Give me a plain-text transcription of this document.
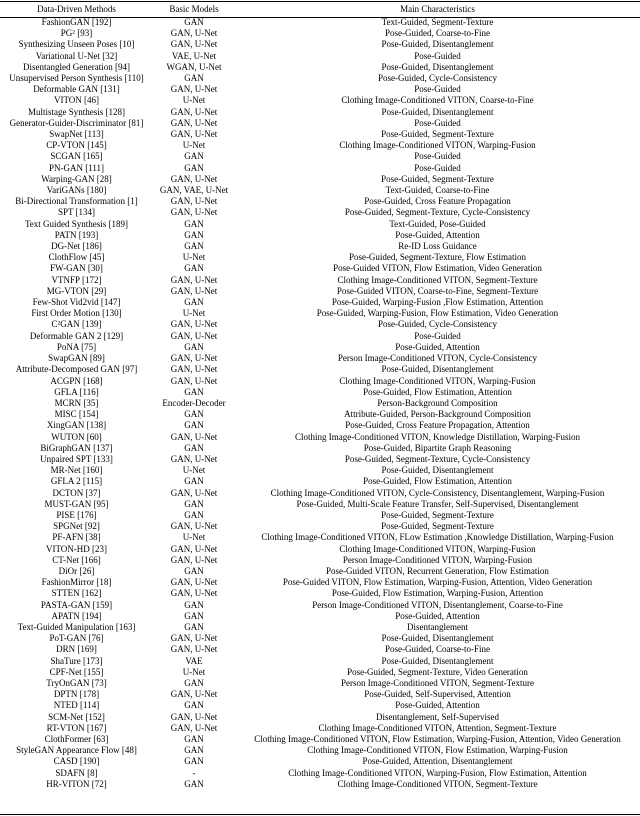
Data-Driven Methods	Basic Models	Main Characteristics
FashionGAN [192]	GAN	Text-Guided, Segment-Texture
PG² [93]	GAN, U-Net	Pose-Guided, Coarse-to-Fine
Synthesizing Unseen Poses [10]	GAN, U-Net	Pose-Guided, Disentanglement
Variational U-Net [32]	VAE, U-Net	Pose-Guided
Disentangled Generation [94]	WGAN, U-Net	Pose-Guided, Disentanglement
Unsupervised Person Synthesis [110]	GAN	Pose-Guided, Cycle-Consistency
Deformable GAN [131]	GAN, U-Net	Pose-Guided
VITON [46]	U-Net	Clothing Image-Conditioned VITON, Coarse-to-Fine
Multistage Synthesis [128]	GAN, U-Net	Pose-Guided, Disentanglement
Generator-Guider-Discriminator [81]	GAN, U-Net	Pose-Guided
SwapNet [113]	GAN, U-Net	Pose-Guided, Segment-Texture
CP-VTON [145]	U-Net	Clothing Image-Conditioned VITON, Warping-Fusion
SCGAN [165]	GAN	Pose-Guided
PN-GAN [111]	GAN	Pose-Guided
Warping-GAN [28]	GAN, U-Net	Pose-Guided, Segment-Texture
VariGANs [180]	GAN, VAE, U-Net	Text-Guided, Coarse-to-Fine
Bi-Directional Transformation [1]	GAN, U-Net	Pose-Guided, Cross Feature Propagation
SPT [134]	GAN, U-Net	Pose-Guided, Segment-Texture, Cycle-Consistency
Text Guided Synthesis [189]	GAN	Text-Guided, Pose-Guided
PATN [193]	GAN	Pose-Guided, Attention
DG-Net [186]	GAN	Re-ID Loss Guidance
ClothFlow [45]	U-Net	Pose-Guided, Segment-Texture, Flow Estimation
FW-GAN [30]	GAN	Pose-Guided VITON, Flow Estimation, Video Generation
VTNFP [172]	GAN, U-Net	Clothing Image-Conditioned VITON, Segment-Texture
MG-VTON [29]	GAN, U-Net	Pose-Guided VITON, Coarse-to-Fine, Segment-Texture
Few-Shot Vid2vid [147]	GAN	Pose-Guided, Warping-Fusion ,Flow Estimation, Attention
First Order Motion [130]	U-Net	Pose-Guided, Warping-Fusion, Flow Estimation, Video Generation
C²GAN [139]	GAN, U-Net	Pose-Guided, Cycle-Consistency
Deformable GAN 2 [129]	GAN, U-Net	Pose-Guided
PoNA [75]	GAN	Pose-Guided, Attention
SwapGAN [89]	GAN, U-Net	Person Image-Conditioned VITON, Cycle-Consistency
Attribute-Decomposed GAN [97]	GAN, U-Net	Pose-Guided, Disentanglement
ACGPN [168]	GAN, U-Net	Clothing Image-Conditioned VITON, Warping-Fusion
GFLA [116]	GAN	Pose-Guided, Flow Estimation, Attention
MCRN [35]	Encoder-Decoder	Person-Background Composition
MISC [154]	GAN	Attribute-Guided, Person-Background Composition
XingGAN [138]	GAN	Pose-Guided, Cross Feature Propagation, Attention
WUTON [60]	GAN, U-Net	Clothing Image-Conditioned VITON, Knowledge Distillation, Warping-Fusion
BiGraphGAN [137]	GAN	Pose-Guided, Bipartite Graph Reasoning
Unpaired SPT [133]	GAN, U-Net	Pose-Guided, Segment-Texture, Cycle-Consistency
MR-Net [160]	U-Net	Pose-Guided, Disentanglement
GFLA 2 [115]	GAN	Pose-Guided, Flow Estimation, Attention
DCTON [37]	GAN, U-Net	Clothing Image-Conditioned VITON, Cycle-Consistency, Disentanglement, Warping-Fusion
MUST-GAN [95]	GAN	Pose-Guided, Multi-Scale Feature Transfer, Self-Supervised, Disentanglement
PISE [176]	GAN	Pose-Guided, Segment-Texture
SPGNet [92]	GAN, U-Net	Pose-Guided, Segment-Texture
PF-AFN [38]	U-Net	Clothing Image-Conditioned VITON, FLow Estimation ,Knowledge Distillation, Warping-Fusion
VITON-HD [23]	GAN, U-Net	Clothing Image-Conditioned VITON, Warping-Fusion
CT-Net [166]	GAN, U-Net	Person Image-Conditioned VITON, Warping-Fusion
DiOr [26]	GAN	Pose-Guided VITON, Recurrent Generation, Flow Estimation
FashionMirror [18]	GAN, U-Net	Pose-Guided VITON, Flow Estimation, Warping-Fusion, Attention, Video Generation
STTEN [162]	GAN, U-Net	Pose-Guided, Flow Estimation, Warping-Fusion, Attention
PASTA-GAN [159]	GAN	Person Image-Conditioned VITON, Disentanglement, Coarse-to-Fine
APATN [194]	GAN	Pose-Guided, Attention
Text-Guided Manipulation [163]	GAN	Disentanglement
PoT-GAN [76]	GAN, U-Net	Pose-Guided, Disentanglement
DRN [169]	GAN, U-Net	Pose-Guided, Coarse-to-Fine
ShaTure [173]	VAE	Pose-Guided, Disentanglement
CPF-Net [155]	U-Net	Pose-Guided, Segment-Texture, Video Generation
TryOnGAN [73]	GAN	Person Image-Conditioned VITON, Segment-Texture
DPTN [178]	GAN, U-Net	Pose-Guided, Self-Supervised, Attention
NTED [114]	GAN	Pose-Guided, Attention
SCM-Net [152]	GAN, U-Net	Disentanglement, Self-Supervised
RT-VTON [167]	GAN, U-Net	Clothing Image-Conditioned VITON, Attention, Segment-Texture
ClothFormer [63]	GAN	Clothing Image-Conditioned VITON, Flow Estimation, Warping-Fusion, Attention, Video Generation
StyleGAN Appearance Flow [48]	GAN	Clothing Image-Conditioned VITON, Flow Estimation, Warping-Fusion
CASD [190]	GAN	Pose-Guided, Attention, Disentanglement
SDAFN [8]	-	Clothing Image-Conditioned VITON, Warping-Fusion, Flow Estimation, Attention
HR-VITON [72]	GAN	Clothing Image-Conditioned VITON, Segment-Texture
